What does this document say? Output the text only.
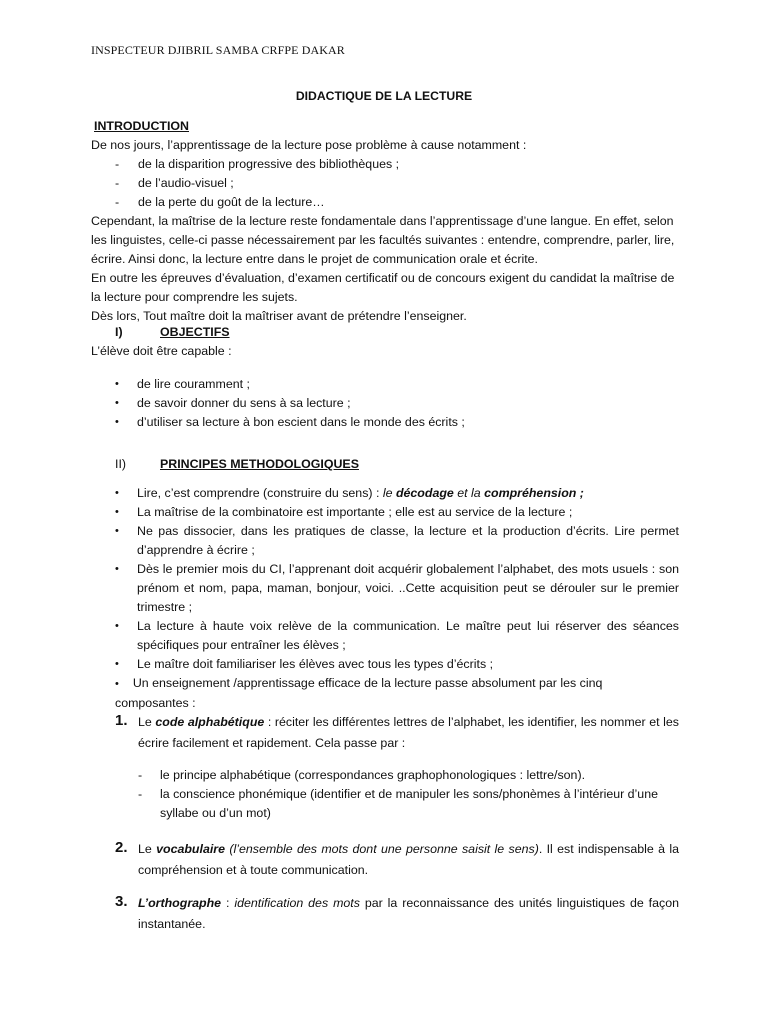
INSPECTEUR DJIBRIL SAMBA CRFPE DAKAR
DIDACTIQUE DE LA LECTURE
INTRODUCTION
De nos jours, l’apprentissage de la lecture pose problème à cause notamment :
- de la disparition progressive des bibliothèques ;
- de l’audio-visuel ;
- de la perte du goût de la lecture…
Cependant, la maîtrise de la lecture reste fondamentale dans l’apprentissage d’une langue. En effet, selon les linguistes, celle-ci passe nécessairement par les facultés suivantes : entendre, comprendre, parler, lire, écrire. Ainsi donc, la lecture entre dans le projet de communication orale et écrite.
En outre les épreuves d’évaluation, d’examen certificatif ou de concours exigent du candidat la maîtrise de la lecture pour comprendre les sujets.
Dès lors, Tout maître doit la maîtriser avant de prétendre l’enseigner.
I)	OBJECTIFS
L’élève doit être capable :
• de lire couramment ;
• de savoir donner du sens à sa lecture ;
• d’utiliser sa lecture à bon escient dans le monde des écrits ;
II)	PRINCIPES METHODOLOGIQUES
• Lire, c’est comprendre (construire du sens) : le décodage et la compréhension ;
• La maîtrise de la combinatoire est importante ; elle est au service de la lecture ;
• Ne pas dissocier, dans les pratiques de classe, la lecture et la production d’écrits. Lire permet d’apprendre à écrire ;
• Dès le premier mois du CI, l’apprenant doit acquérir globalement l’alphabet, des mots usuels : son prénom et nom, papa, maman, bonjour, voici. ..Cette acquisition peut se dérouler sur le premier trimestre ;
• La lecture à haute voix relève de la communication. Le maître peut lui réserver des séances spécifiques pour entraîner les élèves ;
• Le maître doit familiariser les élèves avec tous les types d’écrits ;
• Un enseignement /apprentissage efficace de la lecture passe absolument par les cinq composantes :
1. Le code alphabétique : réciter les différentes lettres de l’alphabet, les identifier, les nommer et les écrire facilement et rapidement. Cela passe par :
- le principe alphabétique (correspondances graphophonologiques : lettre/son).
- la conscience phonémique (identifier et de manipuler les sons/phonèmes à l’intérieur d’une syllabe ou d’un mot)
2. Le vocabulaire (l’ensemble des mots dont une personne saisit le sens). Il est indispensable à la compréhension et à toute communication.
3. L’orthographe : identification des mots par la reconnaissance des unités linguistiques de façon instantanée.
